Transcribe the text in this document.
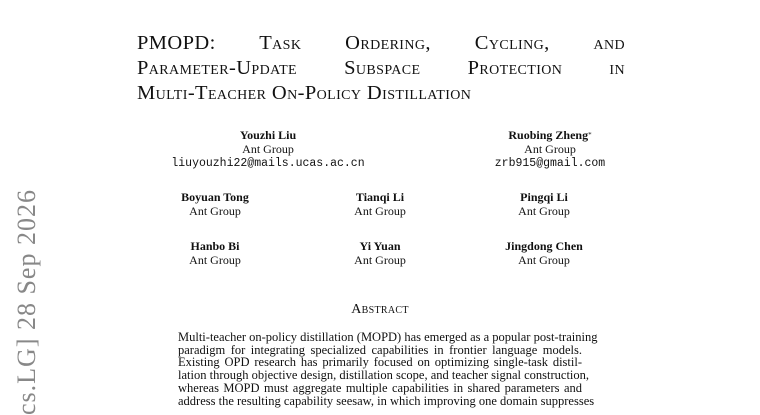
PMOPD: Task Ordering, Cycling, and
Parameter-Update Subspace Protection in
Multi-Teacher On-Policy Distillation
Youzhi Liu
Ant Group
liuyouzhi22@mails.ucas.ac.cn
Ruobing Zheng*
Ant Group
zrb915@gmail.com
Boyuan Tong
Ant Group
Tianqi Li
Ant Group
Pingqi Li
Ant Group
Hanbo Bi
Ant Group
Yi Yuan
Ant Group
Jingdong Chen
Ant Group
Abstract
Multi-teacher on-policy distillation (MOPD) has emerged as a popular post-training
paradigm for integrating specialized capabilities in frontier language models.
Existing OPD research has primarily focused on optimizing single-task distil-
lation through objective design, distillation scope, and teacher signal construction,
whereas MOPD must aggregate multiple capabilities in shared parameters and
address the resulting capability seesaw, in which improving one domain suppresses
cs.LG] 28 Sep 2026
